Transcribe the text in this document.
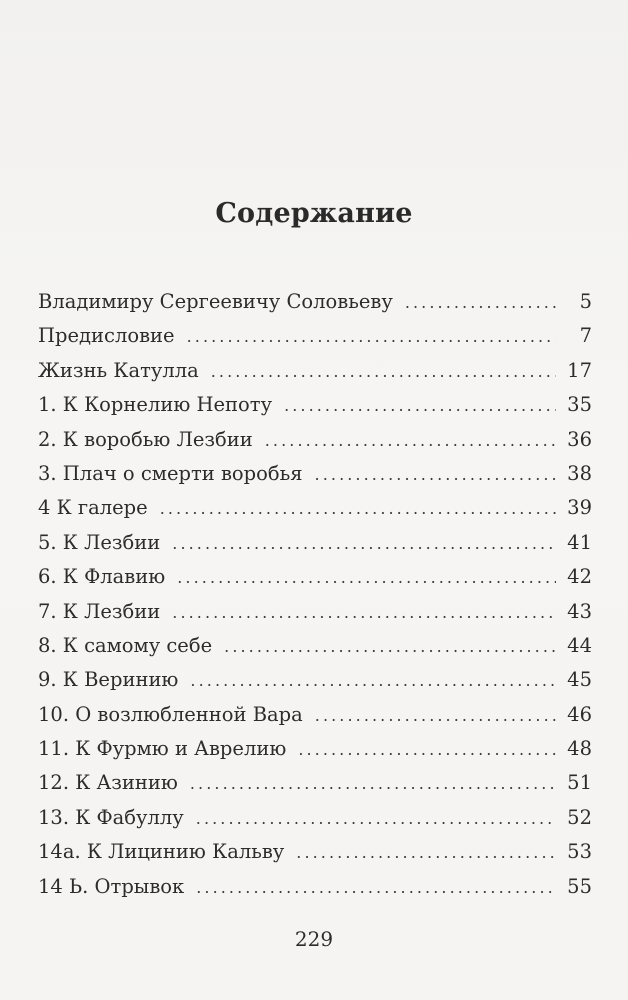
Содержание
Владимиру Сергеевичу Соловьеву . . .	5
Предисловие . . .	7
Жизнь Катулла . . .	17
1. К Корнелию Непоту . . .	35
2. К воробью Лезбии . . .	36
3. Плач о смерти воробья . . .	38
4 К галере . . .	39
5. К Лезбии . . .	41
6. К Флавию . . .	42
7. К Лезбии . . .	43
8. К самому себе . . .	44
9. К Веринию . . .	45
10. О возлюбленной Вара . . .	46
11. К Фурмю и Аврелию . . .	48
12. К Азинию . . .	51
13. К Фабуллу . . .	52
14а. К Лицинию Кальву . . .	53
14 Ь. Отрывок . . .	55
229
